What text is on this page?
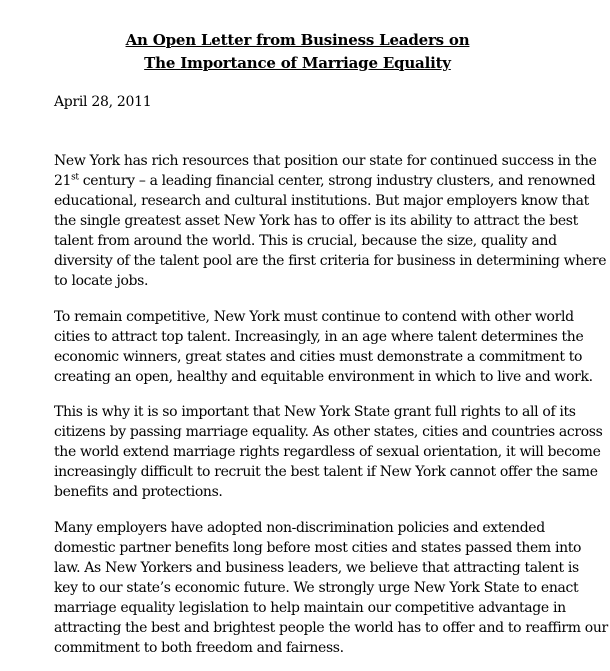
An Open Letter from Business Leaders on
The Importance of Marriage Equality
April 28, 2011
New York has rich resources that position our state for continued success in the
21st century – a leading financial center, strong industry clusters, and renowned
educational, research and cultural institutions. But major employers know that
the single greatest asset New York has to offer is its ability to attract the best
talent from around the world. This is crucial, because the size, quality and
diversity of the talent pool are the first criteria for business in determining where
to locate jobs.
To remain competitive, New York must continue to contend with other world
cities to attract top talent. Increasingly, in an age where talent determines the
economic winners, great states and cities must demonstrate a commitment to
creating an open, healthy and equitable environment in which to live and work.
This is why it is so important that New York State grant full rights to all of its
citizens by passing marriage equality. As other states, cities and countries across
the world extend marriage rights regardless of sexual orientation, it will become
increasingly difficult to recruit the best talent if New York cannot offer the same
benefits and protections.
Many employers have adopted non-discrimination policies and extended
domestic partner benefits long before most cities and states passed them into
law. As New Yorkers and business leaders, we believe that attracting talent is
key to our state’s economic future. We strongly urge New York State to enact
marriage equality legislation to help maintain our competitive advantage in
attracting the best and brightest people the world has to offer and to reaffirm our
commitment to both freedom and fairness.
